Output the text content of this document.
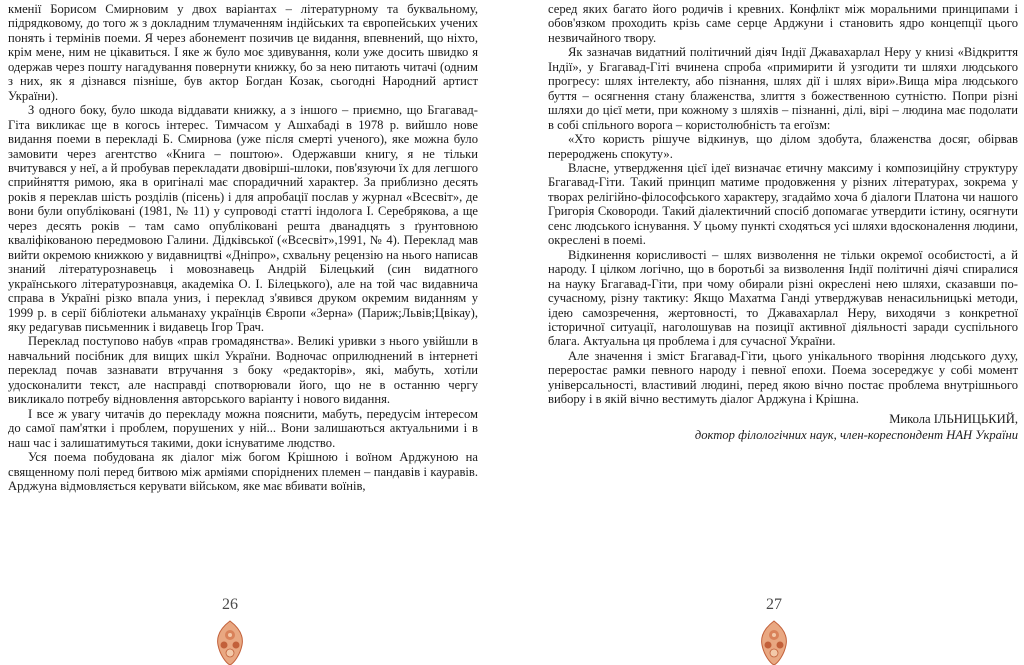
кменії Борисом Смирновим у двох варіантах – літературному та буквальному, підрядковому, до того ж з докладним тлумаченням індійських та європейських учених понять і термінів поеми. Я через абонемент позичив це видання, впевнений, що ніхто, крім мене, ним не цікавиться. І яке ж було моє здивування, коли уже досить швидко я одержав через пошту нагадування повернути книжку, бо за нею питають читачі (одним з них, як я дізнався пізніше, був актор Богдан Козак, сьогодні Народний артист України).

З одного боку, було шкода віддавати книжку, а з іншого – приємно, що Бгагавад-Гіта викликає ще в когось інтерес. Тимчасом у Ашхабаді в 1978 р. вийшло нове видання поеми в перекладі Б. Смирнова (уже після смерті ученого), яке можна було замовити через агентство «Книга – поштою». Одержавши книгу, я не тільки вчитувався у неї, а й пробував перекладати двовірші-шлоки, пов'язуючи їх для легшого сприйняття римою, яка в оригіналі має спорадичний характер. За приблизно десять років я переклав шість розділів (пісень) і для апробації послав у журнал «Всесвіт», де вони були опубліковані (1981, № 11) у супроводі статті індолога І. Серебрякова, а ще через десять років – там само опубліковані решта дванадцять з ґрунтовною кваліфікованою передмовою Галини. Дідківської («Всесвіт»,1991, № 4). Переклад мав вийти окремою книжкою у видавництві «Дніпро», схвальну рецензію на нього написав знаний літературознавець і мовознавець Андрій Білецький (син видатного українського літературознавця, академіка О. І. Білецького), але на той час видавнича справа в Україні різко впала униз, і переклад з'явився друком окремим виданням у 1999 р. в серії бібліотеки альманаху українців Європи «Зерна» (Париж;Львів;Цвікау), яку редагував письменник і видавець Ігор Трач.

Переклад поступово набув «прав громадянства». Великі уривки з нього увійшли в навчальний посібник для вищих шкіл України. Водночас оприлюднений в інтернеті переклад почав зазнавати втручання з боку «редакторів», які, мабуть, хотіли удосконалити текст, але насправді спотворювали його, що не в останню чергу викликало потребу відновлення авторського варіанту і нового видання.

І все ж увагу читачів до перекладу можна пояснити, мабуть, передусім інтересом до самої пам'ятки і проблем, порушених у ній... Вони залишаються актуальними і в наш час і залишатимуться такими, доки існуватиме людство.

Уся поема побудована як діалог між богом Крішною і воїном Арджуною на священному полі перед битвою між арміями споріднених племен – пандавів і кауравів. Арджуна відмовляється керувати військом, яке має вбивати воїнів,

26

серед яких багато його родичів і кревних. Конфлікт між моральними принципами і обов'язком проходить крізь саме серце Арджуни і становить ядро концепції цього незвичайного твору.

Як зазначав видатний політичний діяч Індії Джавахарлал Неру у книзі «Відкриття Індії», у Бгагавад-Гіті вчинена спроба «примирити й узгодити ти шляхи людського прогресу: шлях інтелекту, або пізнання, шлях дії і шлях віри».Вища міра людського буття – осягнення стану блаженства, злиття з божественною сутністю. Попри різні шляхи до цієї мети, при кожному з шляхів – пізнанні, ділі, вірі – людина має подолати в собі спільного ворога – користолюбність та егоїзм:

«Хто користь рішуче відкинув, що ділом здобута, блаженства досяг, обірвав перероджень спокуту».

Власне, утвердження цієї ідеї визначає етичну максиму і композиційну структуру Бгагавад-Гіти. Такий принцип матиме продовження у різних літературах, зокрема у творах релігійно-філософського характеру, згадаймо хоча б діалоги Платона чи нашого Григорія Сковороди. Такий діалектичний спосіб допомагає утвердити істину, осягнути сенс людського існування. У цьому пункті сходяться усі шляхи вдосконалення людини, окреслені в поемі.

Відкинення корисливості – шлях визволення не тільки окремої особистості, а й народу. І цілком логічно, що в боротьбі за визволення Індії політичні діячі спиралися на науку Бгагавад-Гіти, при чому обирали різні окреслені нею шляхи, сказавши по-сучасному, різну тактику: Якщо Махатма Ганді утверджував ненасильницькі методи, ідею самозречення, жертовності, то Джавахарлал Неру, виходячи з конкретної історичної ситуації, наголошував на позиції активної діяльності заради суспільного блага. Актуальна ця проблема і для сучасної України.

Але значення і зміст Бгагавад-Гіти, цього унікального творіння людського духу, переростає рамки певного народу і певної епохи. Поема зосереджує у собі момент універсальності, властивий людині, перед якою вічно постає проблема внутрішнього вибору і в якій вічно вестимуть діалог Арджуна і Крішна.

Микола ІЛЬНИЦЬКИЙ,
доктор філологічних наук, член-кореспондент НАН України
27
